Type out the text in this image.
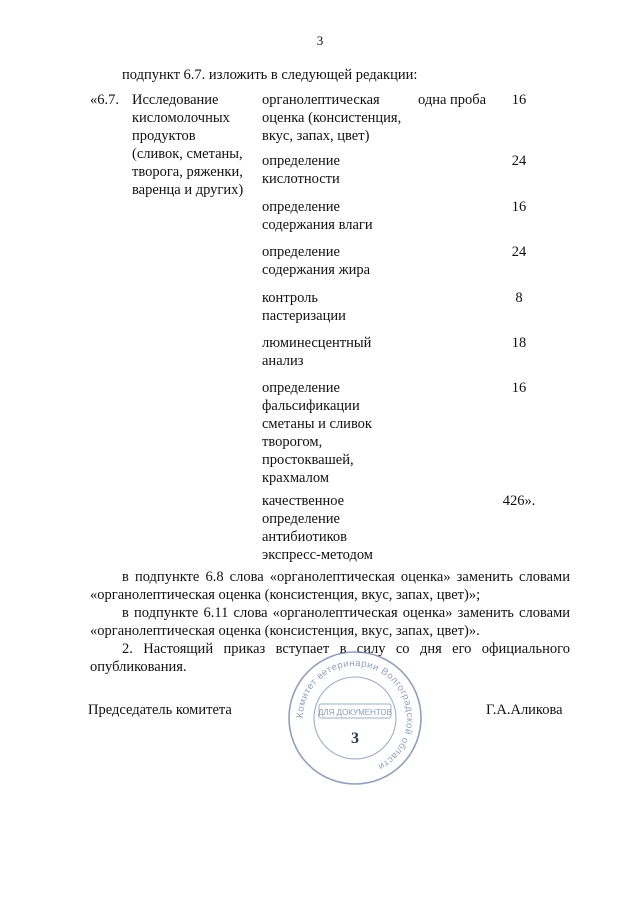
3
подпункт 6.7. изложить в следующей редакции:
«6.7. Исследование
кисломолочных
продуктов
(сливок, сметаны,
творога, ряженки,
варенца и других)
одна проба
органолептическая
оценка (консистенция,
вкус, запах, цвет)
16
определение
кислотности
24
определение
содержания влаги
16
определение
содержания жира
24
контроль
пастеризации
8
люминесцентный
анализ
18
определение
фальсификации
сметаны и сливок
творогом,
простоквашей,
крахмалом
16
качественное
определение
антибиотиков
экспресс-методом
426».
в подпункте 6.8 слова «органолептическая оценка» заменить словами «органолептическая оценка (консистенция, вкус, запах, цвет)»;
в подпункте 6.11 слова «органолептическая оценка» заменить словами «органолептическая оценка (консистенция, вкус, запах, цвет)».
2. Настоящий приказ вступает в силу со дня его официального опубликования.
Председатель комитета	Г.А.Аликова
Комитет ветеринарии Волгоградской области
ДЛЯ ДОКУМЕНТОВ
3
